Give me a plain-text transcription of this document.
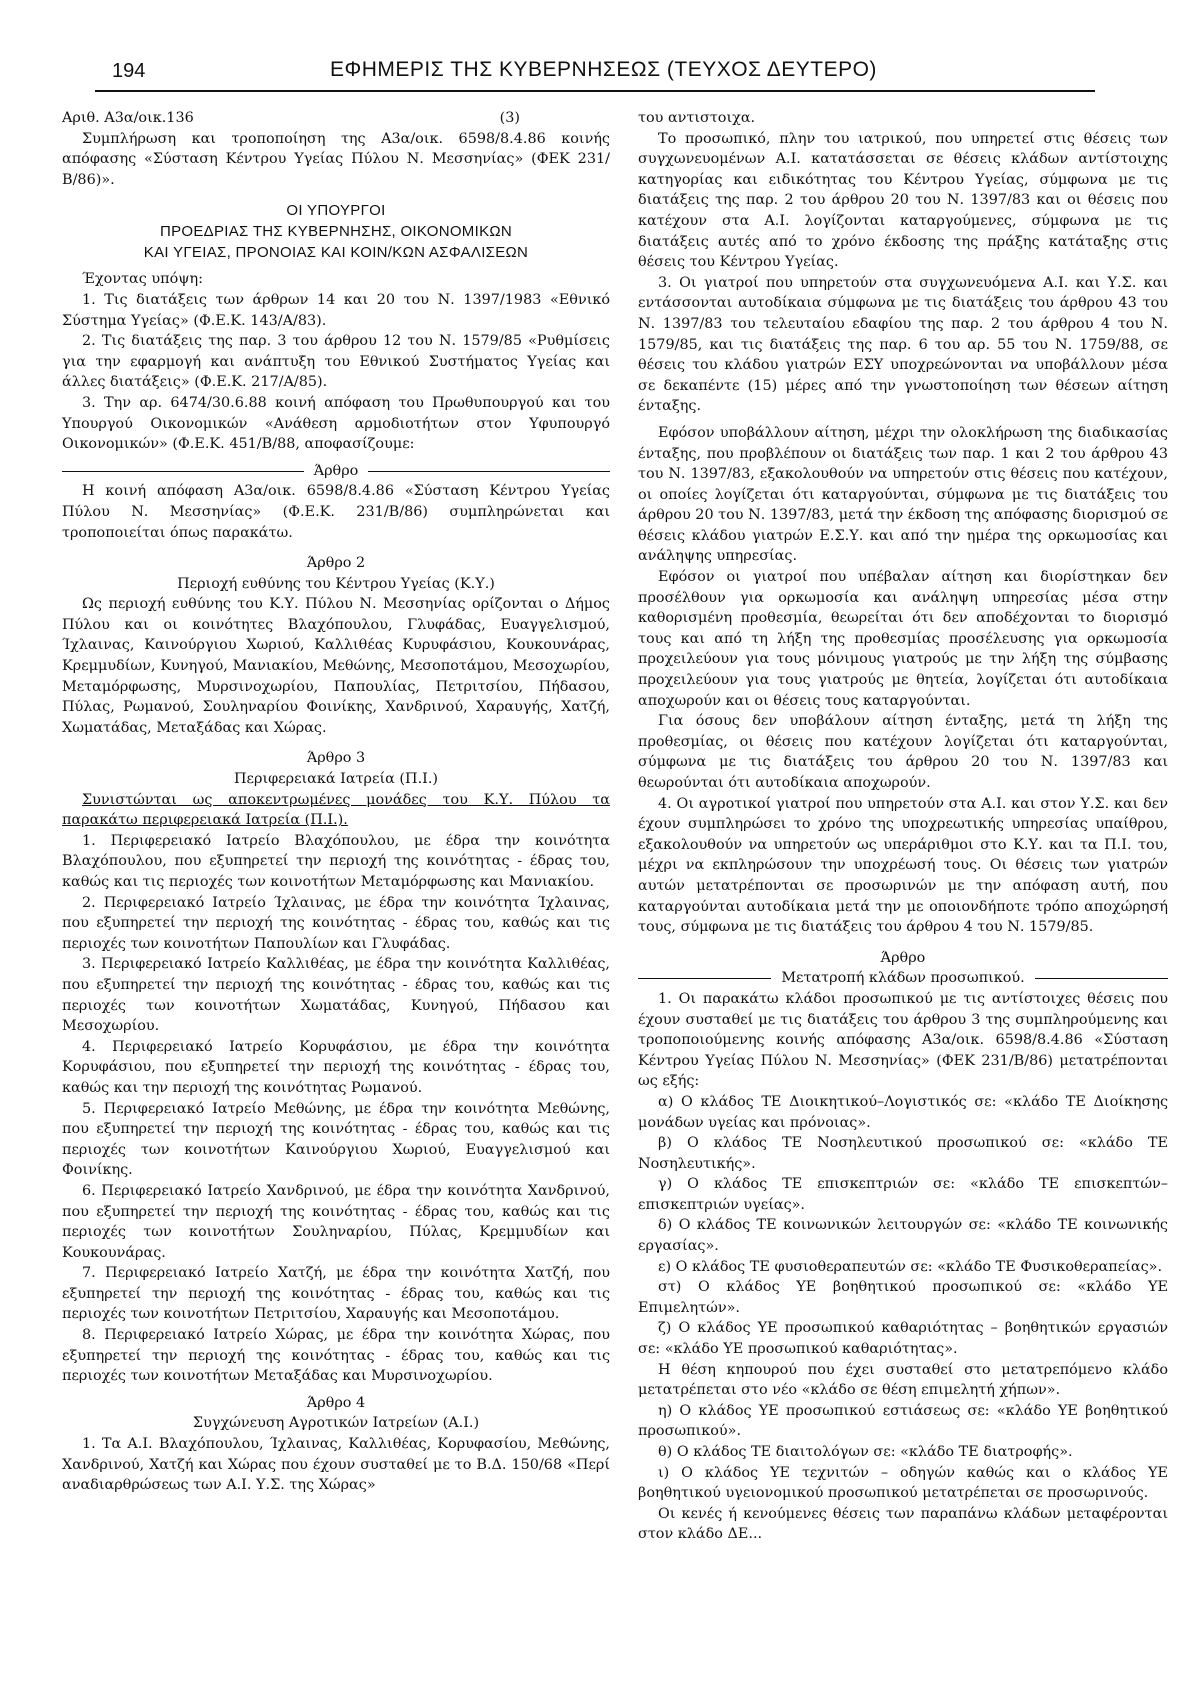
194	ΕΦΗΜΕΡΙΣ ΤΗΣ ΚΥΒΕΡΝΗΣΕΩΣ (ΤΕΥΧΟΣ ΔΕΥΤΕΡΟ)
Αριθ. Α3α/οικ.136	(3)

Συμπλήρωση και τροποποίηση της Α3α/οικ. 6598/8.4.86 κοινής απόφασης «Σύσταση Κέντρου Υγείας Πύλου Ν. Μεσσηνίας» (ΦΕΚ 231/Β/86)».

ΟΙ ΥΠΟΥΡΓΟΙ
ΠΡΟΕΔΡΙΑΣ ΤΗΣ ΚΥΒΕΡΝΗΣΗΣ, ΟΙΚΟΝΟΜΙΚΩΝ
ΚΑΙ ΥΓΕΙΑΣ, ΠΡΟΝΟΙΑΣ ΚΑΙ ΚΟΙΝ/ΚΩΝ ΑΣΦΑΛΙΣΕΩΝ

Έχοντας υπόψη:

1. Τις διατάξεις των άρθρων 14 και 20 του Ν. 1397/1983 «Εθνικό Σύστημα Υγείας» (Φ.Ε.Κ. 143/Α/83).

2. Τις διατάξεις της παρ. 3 του άρθρου 12 του Ν. 1579/85 «Ρυθμίσεις για την εφαρμογή και ανάπτυξη του Εθνικού Συστήματος Υγείας και άλλες διατάξεις» (Φ.Ε.Κ. 217/Α/85).

3. Την αρ. 6474/30.6.88 κοινή απόφαση του Πρωθυπουργού και του Υπουργού Οικονομικών «Ανάθεση αρμοδιοτήτων στον Υφυπουργό Οικονομικών» (Φ.Ε.Κ. 451/Β/88, αποφασίζουμε:

Άρθρο

Η κοινή απόφαση Α3α/οικ. 6598/8.4.86 «Σύσταση Κέντρου Υγείας Πύλου Ν. Μεσσηνίας» (Φ.Ε.Κ. 231/Β/86) συμπληρώνεται και τροποποιείται όπως παρακάτω.

Άρθρο 2
Περιοχή ευθύνης του Κέντρου Υγείας (Κ.Υ.)

Ως περιοχή ευθύνης του Κ.Υ. Πύλου Ν. Μεσσηνίας ορίζονται ο Δήμος Πύλου και οι κοινότητες Βλαχόπουλου, Γλυφάδας, Ευαγγελισμού, Ίχλαινας, Καινούργιου Χωριού, Καλλιθέας Κυρυφάσιου, Κουκουνάρας, Κρεμμυδίων, Κυνηγού, Μανιακίου, Μεθώνης, Μεσοποτάμου, Μεσοχωρίου, Μεταμόρφωσης, Μυρσινοχωρίου, Παπουλίας, Πετριτσίου, Πήδασου, Πύλας, Ρωμανού, Σουληναρίου Φοινίκης, Χανδρινού, Χαραυγής, Χατζή, Χωματάδας, Μεταξάδας και Χώρας.

Άρθρο 3
Περιφερειακά Ιατρεία (Π.Ι.)

Συνιστώνται ως αποκεντρωμένες μονάδες του Κ.Υ. Πύλου τα παρακάτω περιφερειακά Ιατρεία (Π.Ι.).

1. Περιφερειακό Ιατρείο Βλαχόπουλου, με έδρα την κοινότητα Βλαχόπουλου, που εξυπηρετεί την περιοχή της κοινότητας - έδρας του, καθώς και τις περιοχές των κοινοτήτων Μεταμόρφωσης και Μανιακίου.

2. Περιφερειακό Ιατρείο Ίχλαινας, με έδρα την κοινότητα Ίχλαινας, που εξυπηρετεί την περιοχή της κοινότητας - έδρας του, καθώς και τις περιοχές των κοινοτήτων Παπουλίων και Γλυφάδας.

3. Περιφερειακό Ιατρείο Καλλιθέας, με έδρα την κοινότητα Καλλιθέας, που εξυπηρετεί την περιοχή της κοινότητας - έδρας του, καθώς και τις περιοχές των κοινοτήτων Χωματάδας, Κυνηγού, Πήδασου και Μεσοχωρίου.

4. Περιφερειακό Ιατρείο Κορυφάσιου, με έδρα την κοινότητα Κορυφάσιου, που εξυπηρετεί την περιοχή της κοινότητας - έδρας του, καθώς και την περιοχή της κοινότητας Ρωμανού.

5. Περιφερειακό Ιατρείο Μεθώνης, με έδρα την κοινότητα Μεθώνης, που εξυπηρετεί την περιοχή της κοινότητας - έδρας του, καθώς και τις περιοχές των κοινοτήτων Καινούργιου Χωριού, Ευαγγελισμού και Φοινίκης.

6. Περιφερειακό Ιατρείο Χανδρινού, με έδρα την κοινότητα Χανδρινού, που εξυπηρετεί την περιοχή της κοινότητας - έδρας του, καθώς και τις περιοχές των κοινοτήτων Σουληναρίου, Πύλας, Κρεμμυδίων και Κουκουνάρας.

7. Περιφερειακό Ιατρείο Χατζή, με έδρα την κοινότητα Χατζή, που εξυπηρετεί την περιοχή της κοινότητας - έδρας του, καθώς και τις περιοχές των κοινοτήτων Πετριτσίου, Χαραυγής και Μεσοποτάμου.

8. Περιφερειακό Ιατρείο Χώρας, με έδρα την κοινότητα Χώρας, που εξυπηρετεί την περιοχή της κοινότητας - έδρας του, καθώς και τις περιοχές των κοινοτήτων Μεταξάδας και Μυρσινοχωρίου.

Άρθρο 4
Συγχώνευση Αγροτικών Ιατρείων (Α.Ι.)

1. Τα Α.Ι. Βλαχόπουλου, Ίχλαινας, Καλλιθέας, Κορυφασίου, Μεθώνης, Χανδρινού, Χατζή και Χώρας που έχουν συσταθεί με το Β.Δ. 150/68 «Περί αναδιαρθρώσεως των Α.Ι. Υ.Σ. της Χώρας»

του αντιστοιχα.

Το προσωπικό, πλην του ιατρικού, που υπηρετεί στις θέσεις των συγχωνευομένων Α.Ι. κατατάσσεται σε θέσεις κλάδων αντίστοιχης κατηγορίας και ειδικότητας του Κέντρου Υγείας, σύμφωνα με τις διατάξεις της παρ. 2 του άρθρου 20 του Ν. 1397/83 και οι θέσεις που κατέχουν στα Α.Ι. λογίζονται καταργούμενες, σύμφωνα με τις διατάξεις αυτές από το χρόνο έκδοσης της πράξης κατάταξης στις θέσεις του Κέντρου Υγείας.

3. Οι γιατροί που υπηρετούν στα συγχωνευόμενα Α.Ι. και Υ.Σ. και εντάσσονται αυτοδίκαια σύμφωνα με τις διατάξεις του άρθρου 43 του Ν. 1397/83 του τελευταίου εδαφίου της παρ. 2 του άρθρου 4 του Ν. 1579/85, και τις διατάξεις της παρ. 6 του αρ. 55 του Ν. 1759/88, σε θέσεις του κλάδου γιατρών ΕΣΥ υποχρεώνονται να υποβάλλουν μέσα σε δεκαπέντε (15) μέρες από την γνωστοποίηση των θέσεων αίτηση ένταξης.

Εφόσον υποβάλλουν αίτηση, μέχρι την ολοκλήρωση της διαδικασίας ένταξης, που προβλέπουν οι διατάξεις των παρ. 1 και 2 του άρθρου 43 του Ν. 1397/83, εξακολουθούν να υπηρετούν στις θέσεις που κατέχουν, οι οποίες λογίζεται ότι καταργούνται, σύμφωνα με τις διατάξεις του άρθρου 20 του Ν. 1397/83, μετά την έκδοση της απόφασης διορισμού σε θέσεις κλάδου γιατρών Ε.Σ.Υ. και από την ημέρα της ορκωμοσίας και ανάληψης υπηρεσίας.

Εφόσον οι γιατροί που υπέβαλαν αίτηση και διορίστηκαν δεν προσέλθουν για ορκωμοσία και ανάληψη υπηρεσίας μέσα στην καθορισμένη προθεσμία, θεωρείται ότι δεν αποδέχονται το διορισμό τους και από τη λήξη της προθεσμίας προσέλευσης για ορκωμοσία προχειλεύουν για τους μόνιμους γιατρούς με την λήξη της σύμβασης προχειλεύουν για τους γιατρούς με θητεία, λογίζεται ότι αυτοδίκαια αποχωρούν και οι θέσεις τους καταργούνται.

Για όσους δεν υποβάλουν αίτηση ένταξης, μετά τη λήξη της προθεσμίας, οι θέσεις που κατέχουν λογίζεται ότι καταργούνται, σύμφωνα με τις διατάξεις του άρθρου 20 του Ν. 1397/83 και θεωρούνται ότι αυτοδίκαια αποχωρούν.

4. Οι αγροτικοί γιατροί που υπηρετούν στα Α.Ι. και στον Υ.Σ. και δεν έχουν συμπληρώσει το χρόνο της υποχρεωτικής υπηρεσίας υπαίθρου, εξακολουθούν να υπηρετούν ως υπεράριθμοι στο Κ.Υ. και τα Π.Ι. του, μέχρι να εκπληρώσουν την υποχρέωσή τους. Οι θέσεις των γιατρών αυτών μετατρέπονται σε προσωρινών με την απόφαση αυτή, που καταργούνται αυτοδίκαια μετά την με οποιονδήποτε τρόπο αποχώρησή τους, σύμφωνα με τις διατάξεις του άρθρου 4 του Ν. 1579/85.

Άρθρο
Μετατροπή κλάδων προσωπικού.

1. Οι παρακάτω κλάδοι προσωπικού με τις αντίστοιχες θέσεις που έχουν συσταθεί με τις διατάξεις του άρθρου 3 της συμπληρούμενης και τροποποιούμενης κοινής απόφασης Α3α/οικ. 6598/8.4.86 «Σύσταση Κέντρου Υγείας Πύλου Ν. Μεσσηνίας» (ΦΕΚ 231/Β/86) μετατρέπονται ως εξής:

α) Ο κλάδος ΤΕ Διοικητικού–Λογιστικός σε: «κλάδο ΤΕ Διοίκησης μονάδων υγείας και πρόνοιας».

β) Ο κλάδος ΤΕ Νοσηλευτικού προσωπικού σε: «κλάδο ΤΕ Νοσηλευτικής».

γ) Ο κλάδος ΤΕ επισκεπτριών σε: «κλάδο ΤΕ επισκεπτών–επισκεπτριών υγείας».

δ) Ο κλάδος ΤΕ κοινωνικών λειτουργών σε: «κλάδο ΤΕ κοινωνικής εργασίας».

ε) Ο κλάδος ΤΕ φυσιοθεραπευτών σε: «κλάδο ΤΕ Φυσικοθεραπείας».

στ) Ο κλάδος ΥΕ βοηθητικού προσωπικού σε: «κλάδο ΥΕ Επιμελητών».

ζ) Ο κλάδος ΥΕ προσωπικού καθαριότητας – βοηθητικών εργασιών σε: «κλάδο ΥΕ προσωπικού καθαριότητας».

Η θέση κηπουρού που έχει συσταθεί στο μετατρεπόμενο κλάδο μετατρέπεται στο νέο «κλάδο σε θέση επιμελητή χήπων».

η) Ο κλάδος ΥΕ προσωπικού εστιάσεως σε: «κλάδο ΥΕ βοηθητικού προσωπικού».

θ) Ο κλάδος ΤΕ διαιτολόγων σε: «κλάδο ΤΕ διατροφής».

ι) Ο κλάδος ΥΕ τεχνιτών – οδηγών καθώς και ο κλάδος ΥΕ βοηθητικού υγειονομικού προσωπικού μετατρέπεται σε προσωρινούς.

Οι κενές ή κενούμενες θέσεις των παραπάνω κλάδων μεταφέρονται στον κλάδο ΔΕ...
